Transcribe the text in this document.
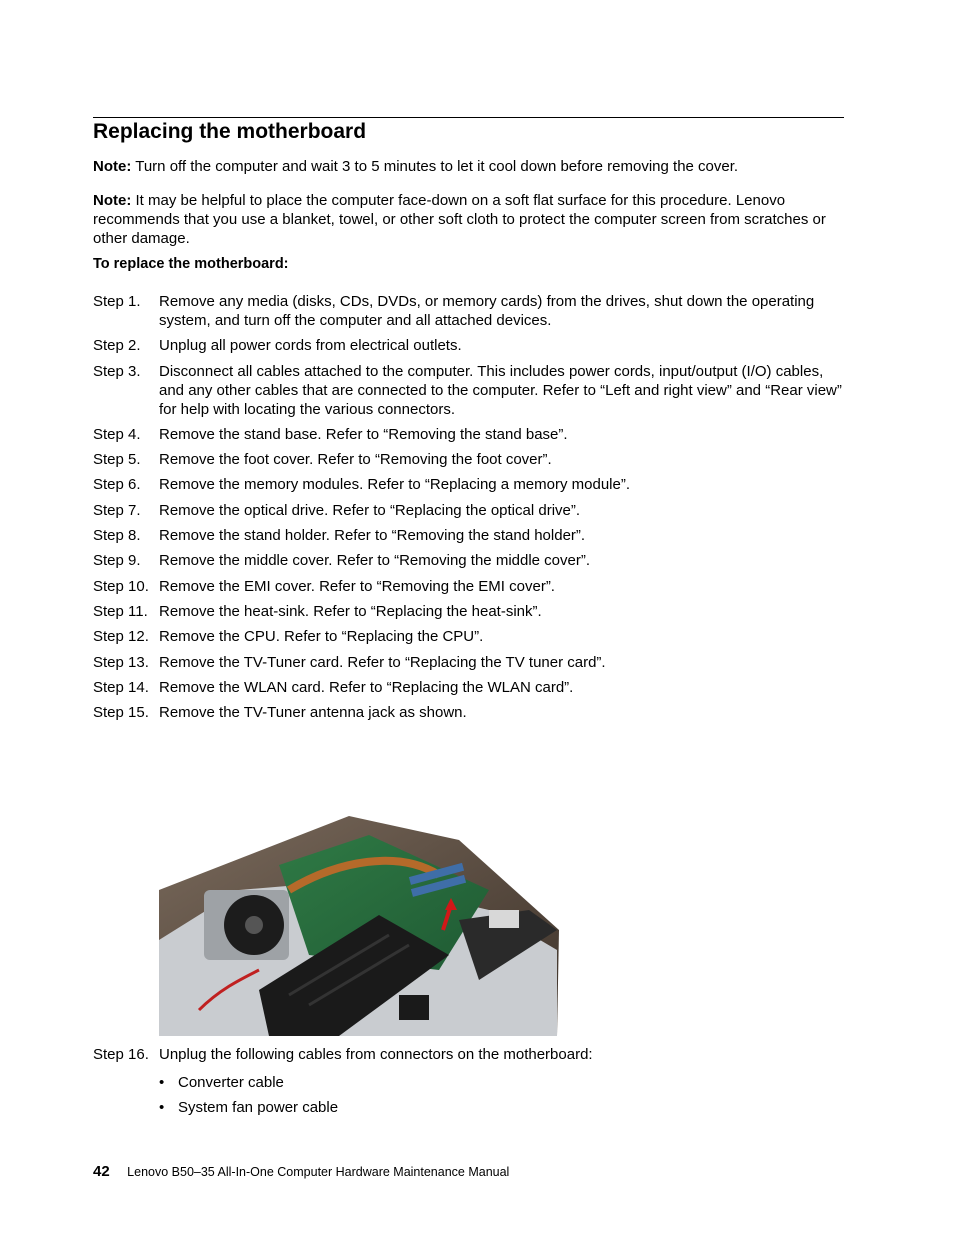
Replacing the motherboard

Note: Turn off the computer and wait 3 to 5 minutes to let it cool down before removing the cover.

Note: It may be helpful to place the computer face-down on a soft flat surface for this procedure. Lenovo recommends that you use a blanket, towel, or other soft cloth to protect the computer screen from scratches or other damage.

To replace the motherboard:
Step 1.	Remove any media (disks, CDs, DVDs, or memory cards) from the drives, shut down the operating system, and turn off the computer and all attached devices.
Step 2.	Unplug all power cords from electrical outlets.
Step 3.	Disconnect all cables attached to the computer. This includes power cords, input/output (I/O) cables, and any other cables that are connected to the computer. Refer to “Left and right view” and “Rear view” for help with locating the various connectors.
Step 4.	Remove the stand base. Refer to “Removing the stand base”.
Step 5.	Remove the foot cover. Refer to “Removing the foot cover”.
Step 6.	Remove the memory modules. Refer to “Replacing a memory module”.
Step 7.	Remove the optical drive. Refer to “Replacing the optical drive”.
Step 8.	Remove the stand holder. Refer to “Removing the stand holder”.
Step 9.	Remove the middle cover. Refer to “Removing the middle cover”.
Step 10. Remove the EMI cover. Refer to “Removing the EMI cover”.
Step 11. Remove the heat-sink. Refer to “Replacing the heat-sink”.
Step 12. Remove the CPU. Refer to “Replacing the CPU”.
Step 13. Remove the TV-Tuner card. Refer to “Replacing the TV tuner card”.
Step 14. Remove the WLAN card. Refer to “Replacing the WLAN card”.
Step 15. Remove the TV-Tuner antenna jack as shown.
Step 16. Unplug the following cables from connectors on the motherboard:
• Converter cable
• System fan power cable
42 Lenovo B50–35 All-In-One Computer Hardware Maintenance Manual
